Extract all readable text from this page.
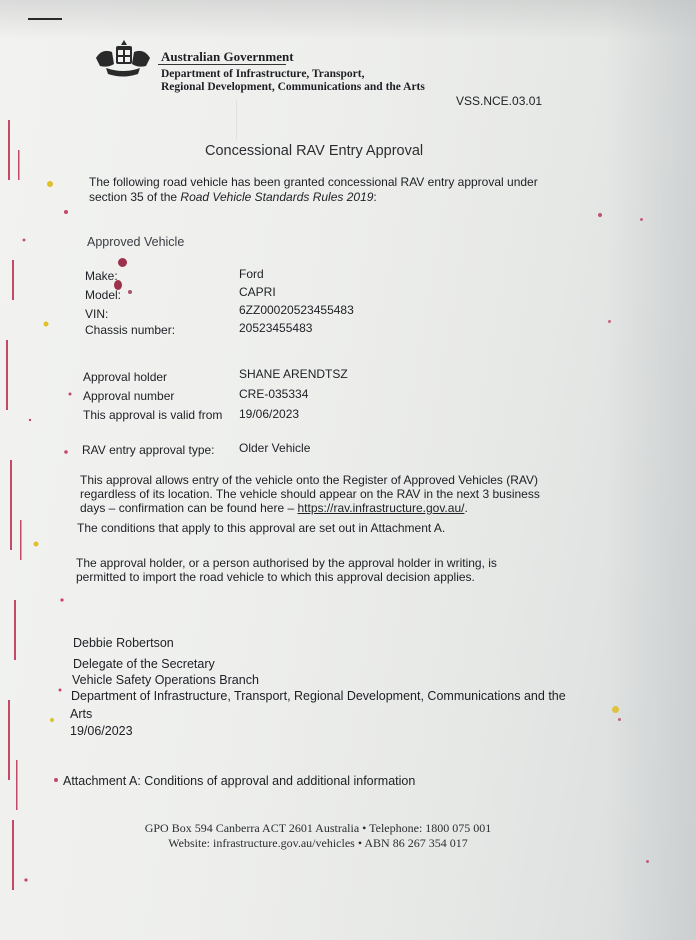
Australian Government
Department of Infrastructure, Transport,
Regional Development, Communications and the Arts
VSS.NCE.03.01
Concessional RAV Entry Approval
The following road vehicle has been granted concessional RAV entry approval under
section 35 of the Road Vehicle Standards Rules 2019:
Approved Vehicle
Make:	Ford
Model:	CAPRI
VIN:	6ZZ00020523455483
Chassis number:	20523455483
Approval holder	SHANE ARENDTSZ
Approval number	CRE-035334
This approval is valid from 19/06/2023
RAV entry approval type: Older Vehicle
This approval allows entry of the vehicle onto the Register of Approved Vehicles (RAV)
regardless of its location. The vehicle should appear on the RAV in the next 3 business
days – confirmation can be found here – https://rav.infrastructure.gov.au/.
The conditions that apply to this approval are set out in Attachment A.
The approval holder, or a person authorised by the approval holder in writing, is
permitted to import the road vehicle to which this approval decision applies.
Debbie Robertson
Delegate of the Secretary
Vehicle Safety Operations Branch
Department of Infrastructure, Transport, Regional Development, Communications and the
Arts
19/06/2023
Attachment A: Conditions of approval and additional information
GPO Box 594 Canberra ACT 2601 Australia • Telephone: 1800 075 001
Website: infrastructure.gov.au/vehicles • ABN 86 267 354 017
